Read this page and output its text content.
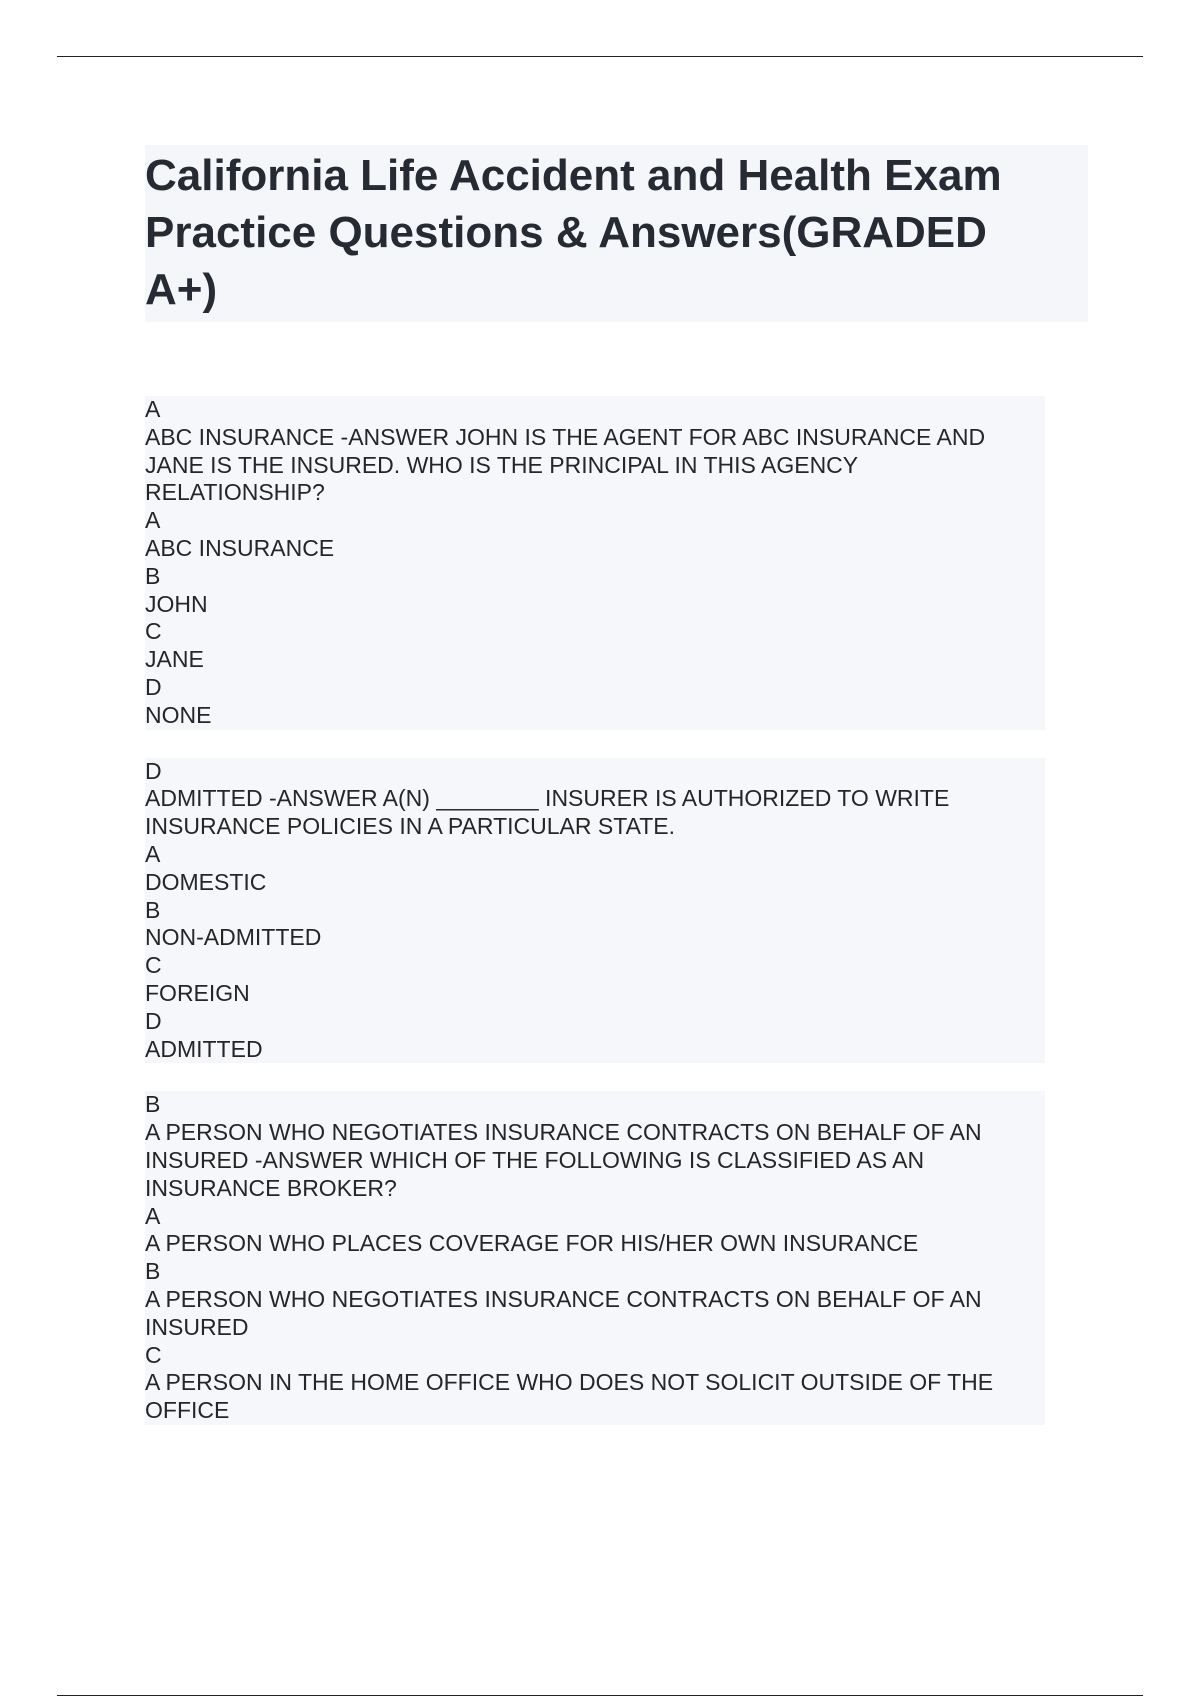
California Life Accident and Health Exam
Practice Questions & Answers(GRADED
A+)
A
ABC INSURANCE -ANSWER JOHN IS THE AGENT FOR ABC INSURANCE AND
JANE IS THE INSURED. WHO IS THE PRINCIPAL IN THIS AGENCY
RELATIONSHIP?
A
ABC INSURANCE
B
JOHN
C
JANE
D
NONE
D
ADMITTED -ANSWER A(N) ________ INSURER IS AUTHORIZED TO WRITE
INSURANCE POLICIES IN A PARTICULAR STATE.
A
DOMESTIC
B
NON-ADMITTED
C
FOREIGN
D
ADMITTED
B
A PERSON WHO NEGOTIATES INSURANCE CONTRACTS ON BEHALF OF AN
INSURED -ANSWER WHICH OF THE FOLLOWING IS CLASSIFIED AS AN
INSURANCE BROKER?
A
A PERSON WHO PLACES COVERAGE FOR HIS/HER OWN INSURANCE
B
A PERSON WHO NEGOTIATES INSURANCE CONTRACTS ON BEHALF OF AN
INSURED
C
A PERSON IN THE HOME OFFICE WHO DOES NOT SOLICIT OUTSIDE OF THE
OFFICE
